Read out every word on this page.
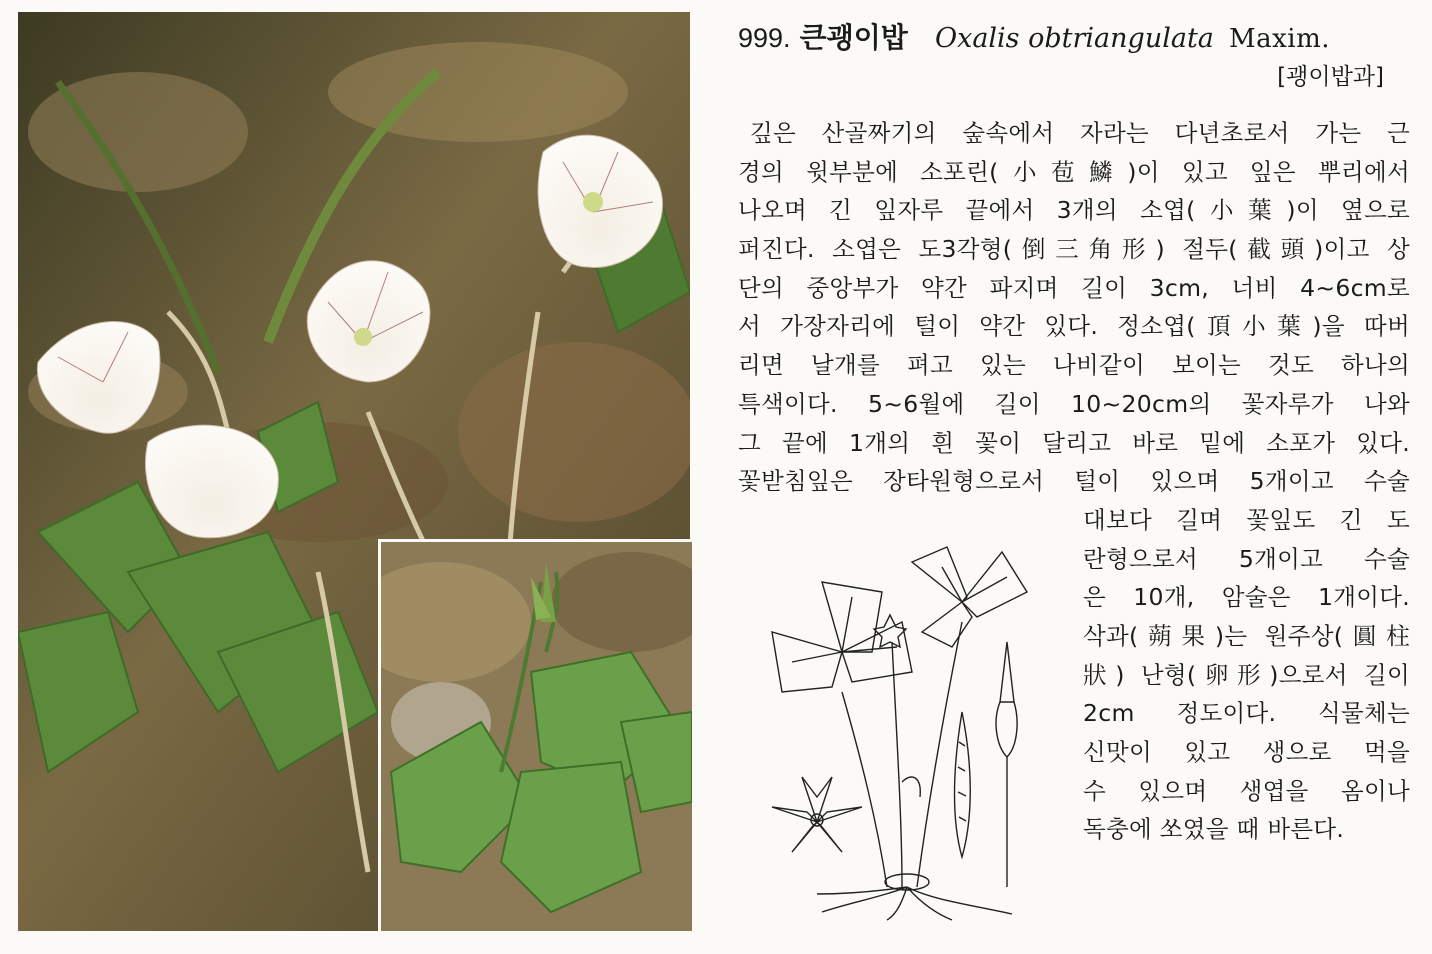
999. 큰괭이밥 Oxalis obtriangulata Maxim.
[괭이밥과]
깊은 산골짜기의 숲속에서 자라는 다년초로서 가는 근
경의 윗부분에 소포린(小苞鱗)이 있고 잎은 뿌리에서
나오며 긴 잎자루 끝에서 3개의 소엽(小葉)이 옆으로
퍼진다. 소엽은 도3각형(倒三角形) 절두(截頭)이고 상
단의 중앙부가 약간 파지며 길이 3cm, 너비 4~6cm로
서 가장자리에 털이 약간 있다. 정소엽(頂小葉)을 따버
리면 날개를 펴고 있는 나비같이 보이는 것도 하나의
특색이다. 5~6월에 길이 10~20cm의 꽃자루가 나와
그 끝에 1개의 흰 꽃이 달리고 바로 밑에 소포가 있다.
꽃받침잎은 장타원형으로서 털이 있으며 5개이고 수술
대보다 길며 꽃잎도 긴 도
란형으로서 5개이고 수술
은 10개, 암술은 1개이다.
삭과(蒴果)는 원주상(圓柱
狀) 난형(卵形)으로서 길이
2cm 정도이다. 식물체는
신맛이 있고 생으로 먹을
수 있으며 생엽을 옴이나
독충에 쏘였을 때 바른다.
